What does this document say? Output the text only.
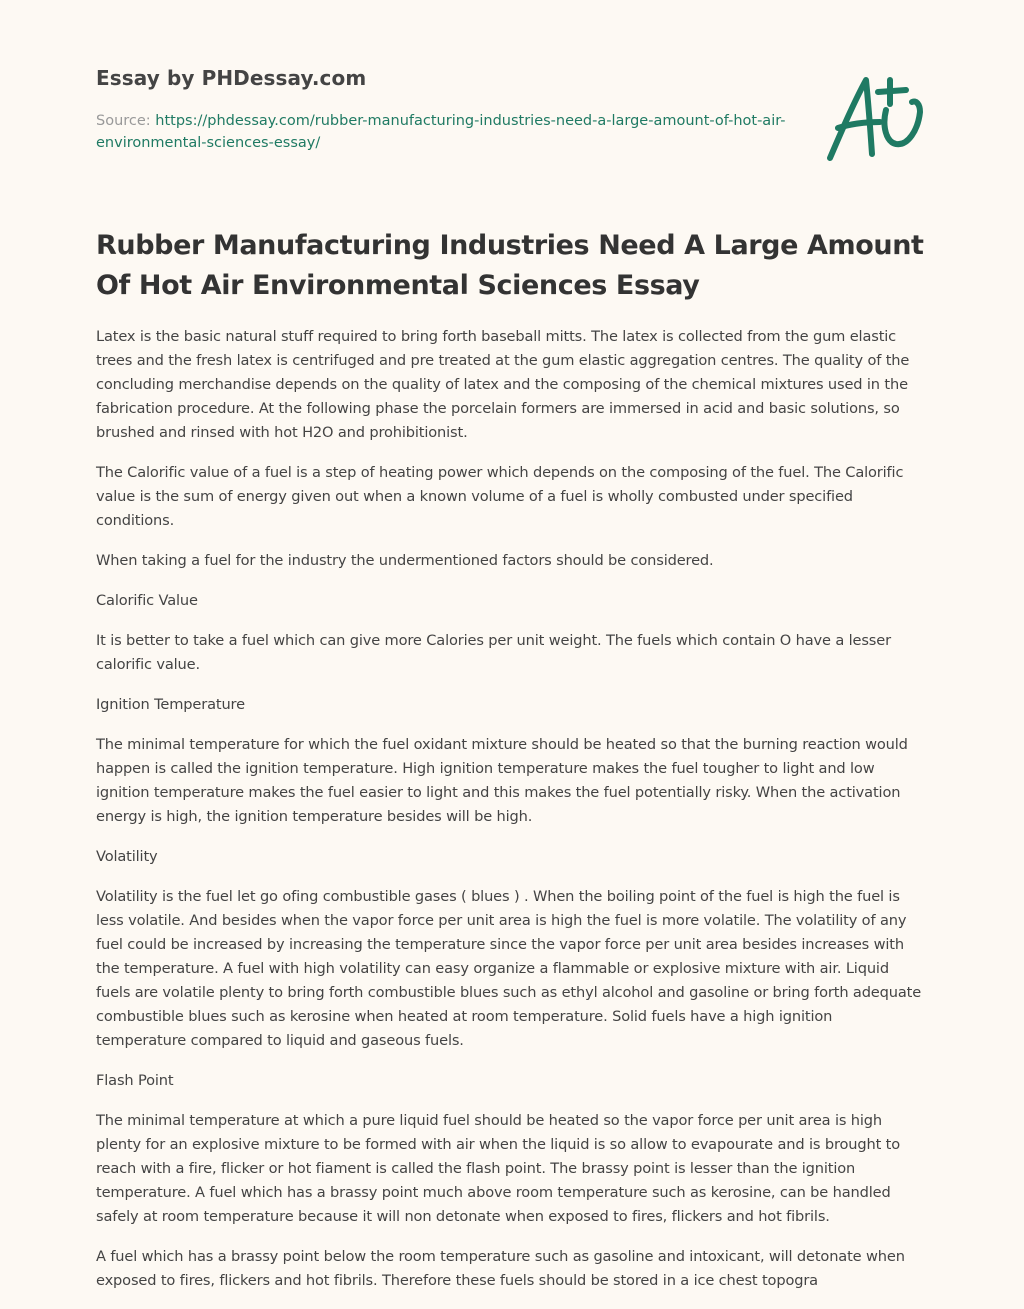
Essay by PHDessay.com
Source: https://phdessay.com/rubber-manufacturing-industries-need-a-large-amount-of-hot-air-environmental-sciences-essay/
Rubber Manufacturing Industries Need A Large Amount Of Hot Air Environmental Sciences Essay

Latex is the basic natural stuff required to bring forth baseball mitts. The latex is collected from the gum elastic trees and the fresh latex is centrifuged and pre treated at the gum elastic aggregation centres. The quality of the concluding merchandise depends on the quality of latex and the composing of the chemical mixtures used in the fabrication procedure. At the following phase the porcelain formers are immersed in acid and basic solutions, so brushed and rinsed with hot H2O and prohibitionist.

The Calorific value of a fuel is a step of heating power which depends on the composing of the fuel. The Calorific value is the sum of energy given out when a known volume of a fuel is wholly combusted under specified conditions.

When taking a fuel for the industry the undermentioned factors should be considered.

Calorific Value

It is better to take a fuel which can give more Calories per unit weight. The fuels which contain O have a lesser calorific value.

Ignition Temperature

The minimal temperature for which the fuel oxidant mixture should be heated so that the burning reaction would happen is called the ignition temperature. High ignition temperature makes the fuel tougher to light and low ignition temperature makes the fuel easier to light and this makes the fuel potentially risky. When the activation energy is high, the ignition temperature besides will be high.

Volatility

Volatility is the fuel let go ofing combustible gases ( blues ) . When the boiling point of the fuel is high the fuel is less volatile. And besides when the vapor force per unit area is high the fuel is more volatile. The volatility of any fuel could be increased by increasing the temperature since the vapor force per unit area besides increases with the temperature. A fuel with high volatility can easy organize a flammable or explosive mixture with air. Liquid fuels are volatile plenty to bring forth combustible blues such as ethyl alcohol and gasoline or bring forth adequate combustible blues such as kerosine when heated at room temperature. Solid fuels have a high ignition temperature compared to liquid and gaseous fuels.

Flash Point

The minimal temperature at which a pure liquid fuel should be heated so the vapor force per unit area is high plenty for an explosive mixture to be formed with air when the liquid is so allow to evapourate and is brought to reach with a fire, flicker or hot fiament is called the flash point. The brassy point is lesser than the ignition temperature. A fuel which has a brassy point much above room temperature such as kerosine, can be handled safely at room temperature because it will non detonate when exposed to fires, flickers and hot fibrils.

A fuel which has a brassy point below the room temperature such as gasoline and intoxicant, will detonate when exposed to fires, flickers and hot fibrils. Therefore these fuels should be stored in a ice chest topogra
